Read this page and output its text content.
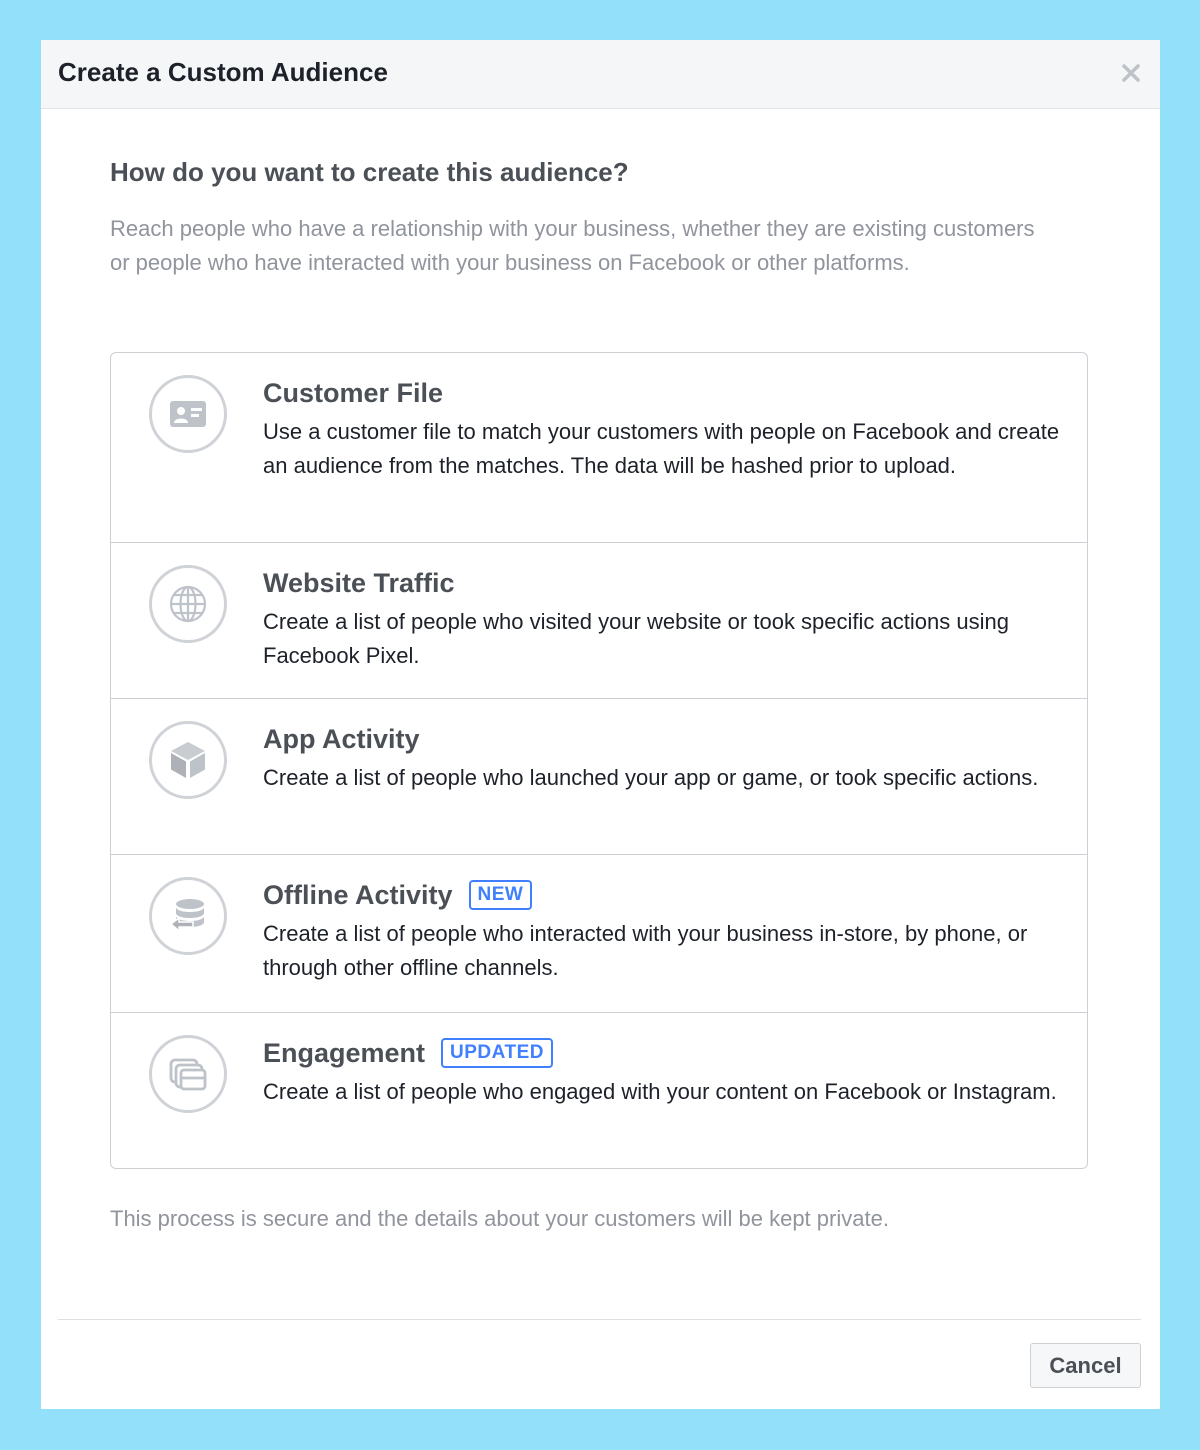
Create a Custom Audience
How do you want to create this audience?
Reach people who have a relationship with your business, whether they are existing customers or people who have interacted with your business on Facebook or other platforms.
Customer File
Use a customer file to match your customers with people on Facebook and create an audience from the matches. The data will be hashed prior to upload.
Website Traffic
Create a list of people who visited your website or took specific actions using Facebook Pixel.
App Activity
Create a list of people who launched your app or game, or took specific actions.
Offline Activity	NEW
Create a list of people who interacted with your business in-store, by phone, or through other offline channels.
Engagement	UPDATED
Create a list of people who engaged with your content on Facebook or Instagram.
This process is secure and the details about your customers will be kept private.
Cancel
